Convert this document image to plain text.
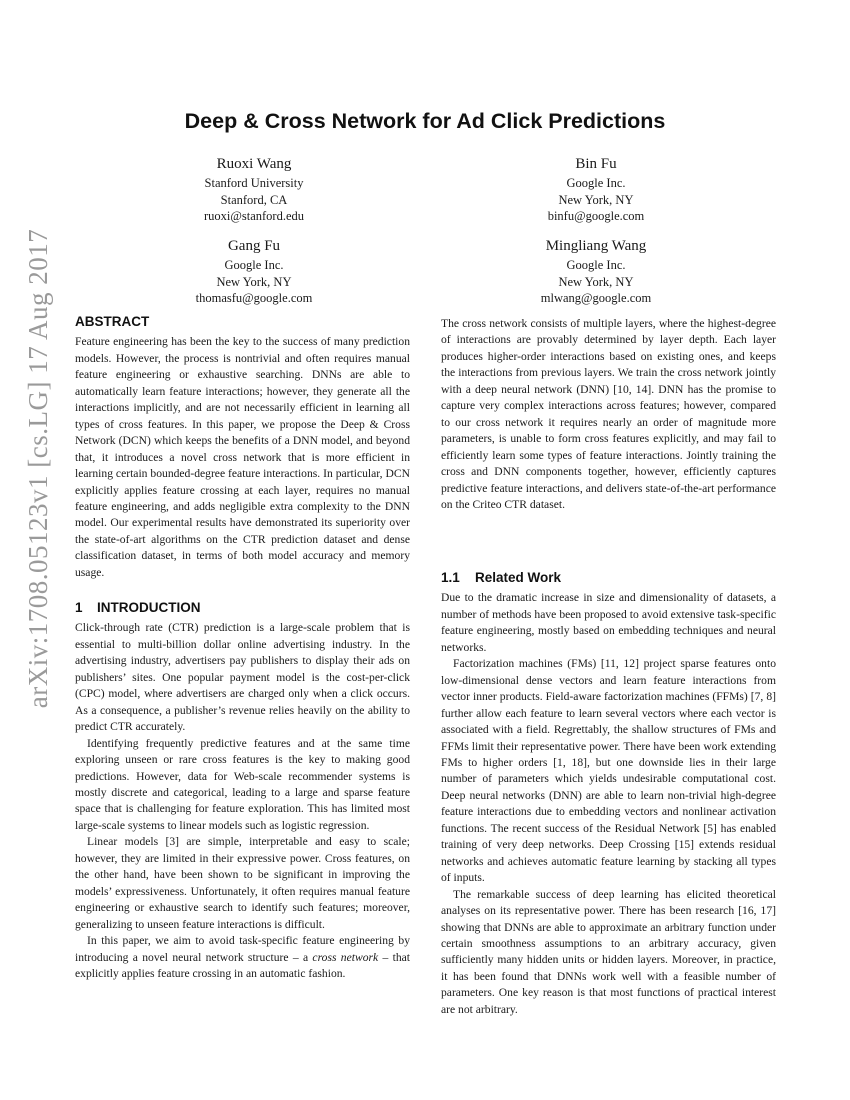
arXiv:1708.05123v1 [cs.LG] 17 Aug 2017
Deep & Cross Network for Ad Click Predictions
Ruoxi Wang
Stanford University
Stanford, CA
ruoxi@stanford.edu
Bin Fu
Google Inc.
New York, NY
binfu@google.com
Gang Fu
Google Inc.
New York, NY
thomasfu@google.com
Mingliang Wang
Google Inc.
New York, NY
mlwang@google.com
ABSTRACT

Feature engineering has been the key to the success of many prediction models. However, the process is nontrivial and often requires manual feature engineering or exhaustive searching. DNNs are able to automatically learn feature interactions; however, they generate all the interactions implicitly, and are not necessarily efficient in learning all types of cross features. In this paper, we propose the Deep & Cross Network (DCN) which keeps the benefits of a DNN model, and beyond that, it introduces a novel cross network that is more efficient in learning certain bounded-degree feature interactions. In particular, DCN explicitly applies feature crossing at each layer, requires no manual feature engineering, and adds negligible extra complexity to the DNN model. Our experimental results have demonstrated its superiority over the state-of-art algorithms on the CTR prediction dataset and dense classification dataset, in terms of both model accuracy and memory usage.

1 INTRODUCTION

Click-through rate (CTR) prediction is a large-scale problem that is essential to multi-billion dollar online advertising industry. In the advertising industry, advertisers pay publishers to display their ads on publishers’ sites. One popular payment model is the cost-per-click (CPC) model, where advertisers are charged only when a click occurs. As a consequence, a publisher’s revenue relies heavily on the ability to predict CTR accurately.

Identifying frequently predictive features and at the same time exploring unseen or rare cross features is the key to making good predictions. However, data for Web-scale recommender systems is mostly discrete and categorical, leading to a large and sparse feature space that is challenging for feature exploration. This has limited most large-scale systems to linear models such as logistic regression.

Linear models [3] are simple, interpretable and easy to scale; however, they are limited in their expressive power. Cross features, on the other hand, have been shown to be significant in improving the models’ expressiveness. Unfortunately, it often requires manual feature engineering or exhaustive search to identify such features; moreover, generalizing to unseen feature interactions is difficult.

In this paper, we aim to avoid task-specific feature engineering by introducing a novel neural network structure – a cross network – that explicitly applies feature crossing in an automatic fashion.

The cross network consists of multiple layers, where the highest-degree of interactions are provably determined by layer depth. Each layer produces higher-order interactions based on existing ones, and keeps the interactions from previous layers. We train the cross network jointly with a deep neural network (DNN) [10, 14]. DNN has the promise to capture very complex interactions across features; however, compared to our cross network it requires nearly an order of magnitude more parameters, is unable to form cross features explicitly, and may fail to efficiently learn some types of feature interactions. Jointly training the cross and DNN components together, however, efficiently captures predictive feature interactions, and delivers state-of-the-art performance on the Criteo CTR dataset.

1.1 Related Work

Due to the dramatic increase in size and dimensionality of datasets, a number of methods have been proposed to avoid extensive task-specific feature engineering, mostly based on embedding techniques and neural networks.

Factorization machines (FMs) [11, 12] project sparse features onto low-dimensional dense vectors and learn feature interactions from vector inner products. Field-aware factorization machines (FFMs) [7, 8] further allow each feature to learn several vectors where each vector is associated with a field. Regrettably, the shallow structures of FMs and FFMs limit their representative power. There have been work extending FMs to higher orders [1, 18], but one downside lies in their large number of parameters which yields undesirable computational cost. Deep neural networks (DNN) are able to learn non-trivial high-degree feature interactions due to embedding vectors and nonlinear activation functions. The recent success of the Residual Network [5] has enabled training of very deep networks. Deep Crossing [15] extends residual networks and achieves automatic feature learning by stacking all types of inputs.

The remarkable success of deep learning has elicited theoretical analyses on its representative power. There has been research [16, 17] showing that DNNs are able to approximate an arbitrary function under certain smoothness assumptions to an arbitrary accuracy, given sufficiently many hidden units or hidden layers. Moreover, in practice, it has been found that DNNs work well with a feasible number of parameters. One key reason is that most functions of practical interest are not arbitrary.
